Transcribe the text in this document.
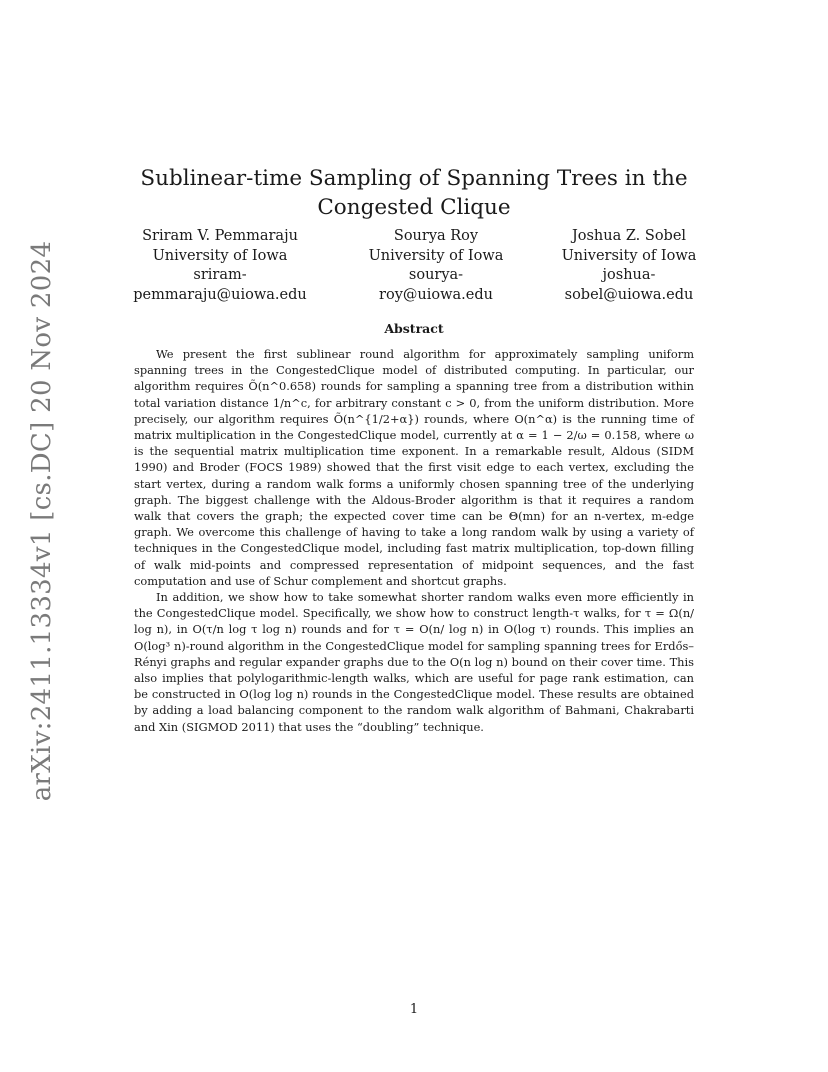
arXiv:2411.13334v1 [cs.DC] 20 Nov 2024
Sublinear-time Sampling of Spanning Trees in the Congested Clique
Sriram V. Pemmaraju
University of Iowa
sriram-pemmaraju@uiowa.edu
Sourya Roy
University of Iowa
sourya-roy@uiowa.edu
Joshua Z. Sobel
University of Iowa
joshua-sobel@uiowa.edu
Abstract

We present the first sublinear round algorithm for approximately sampling uniform spanning trees in the CongestedClique model of distributed computing. In particular, our algorithm requires Õ(n^0.658) rounds for sampling a spanning tree from a distribution within total variation distance 1/n^c, for arbitrary constant c > 0, from the uniform distribution. More precisely, our algorithm requires Õ(n^{1/2+α}) rounds, where O(n^α) is the running time of matrix multiplication in the CongestedClique model, currently at α = 1 − 2/ω = 0.158, where ω is the sequential matrix multiplication time exponent. In a remarkable result, Aldous (SIDM 1990) and Broder (FOCS 1989) showed that the first visit edge to each vertex, excluding the start vertex, during a random walk forms a uniformly chosen spanning tree of the underlying graph. The biggest challenge with the Aldous-Broder algorithm is that it requires a random walk that covers the graph; the expected cover time can be Θ(mn) for an n-vertex, m-edge graph. We overcome this challenge of having to take a long random walk by using a variety of techniques in the CongestedClique model, including fast matrix multiplication, top-down filling of walk mid-points and compressed representation of midpoint sequences, and the fast computation and use of Schur complement and shortcut graphs.

In addition, we show how to take somewhat shorter random walks even more efficiently in the CongestedClique model. Specifically, we show how to construct length-τ walks, for τ = Ω(n/ log n), in O(τ/n log τ log n) rounds and for τ = O(n/ log n) in O(log τ) rounds. This implies an O(log³ n)-round algorithm in the CongestedClique model for sampling spanning trees for Erdős–Rényi graphs and regular expander graphs due to the O(n log n) bound on their cover time. This also implies that polylogarithmic-length walks, which are useful for page rank estimation, can be constructed in O(log log n) rounds in the CongestedClique model. These results are obtained by adding a load balancing component to the random walk algorithm of Bahmani, Chakrabarti and Xin (SIGMOD 2011) that uses the “doubling” technique.

1
